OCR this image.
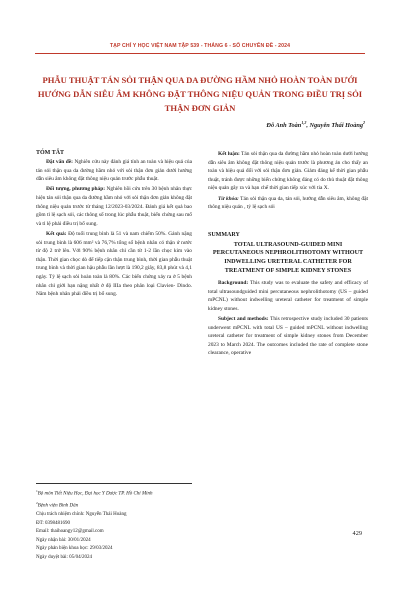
TẠP CHÍ Y HỌC VIỆT NAM TẬP 539 - THÁNG 6 - SỐ CHUYÊN ĐỀ - 2024
PHẪU THUẬT TÁN SỎI THẬN QUA DA ĐƯỜNG HẦM NHỎ HOÀN TOÀN DƯỚI HƯỚNG DẪN SIÊU ÂM KHÔNG ĐẶT THÔNG NIỆU QUẢN TRONG ĐIỀU TRỊ SỎI THẬN ĐƠN GIẢN
Đỗ Anh Toàn$^{1,2}$, Nguyễn Thái Hoàng$^2$
TÓM TẮT

Đặt vấn đề: Nghiên cứu này đánh giá tính an toàn và hiệu quả của tán sỏi thận qua da đường hầm nhỏ với sỏi thận đơn giản dưới hướng dẫn siêu âm không đặt thông niệu quản trước phẫu thuật.

Đối tượng, phương pháp: Nghiên hồi cứu trên 30 bệnh nhân thực hiện tán sỏi thận qua da đường hầm nhỏ với sỏi thận đơn giản không đặt thông niệu quản trước từ tháng 12/2023-03/2024. Đánh giá kết quả bao gồm tỉ lệ sạch sỏi, các thông số trong lúc phẫu thuật, biến chứng sau mổ và tỉ lệ phải điều trị bổ sung.

Kết quả: Độ tuổi trung bình là 51 và nam chiếm 50%. Gánh nặng sỏi trung bình là 606 mm² và 76,7% tổng số bệnh nhân có thận ứ nước từ độ 2 trở lên. Với 90% bệnh nhân chỉ cần từ 1-2 lần chọc kim vào thận. Thời gian chọc dò để tiếp cận thận trung bình, thời gian phẫu thuật trung bình và thời gian hậu phẫu lần lượt là 190,2 giây, 83,8 phút và 4,1 ngày. Tỷ lệ sạch sỏi hoàn toàn là 80%. Các biến chứng xảy ra ở 5 bệnh nhân chỉ giới hạn nặng nhất ở độ IIIa theo phân loại Clavien- Dindo. Năm bệnh nhân phải điều trị bổ sung.

Kết luận: Tán sỏi thận qua da đường hầm nhỏ hoàn toàn dưới hướng dẫn siêu âm không đặt thông niệu quản trước là phương án cho thấy an toàn và hiệu quả đối với sỏi thận đơn giản. Giảm đáng kể thời gian phẫu thuật, tránh được những biến chứng không đáng có do thủ thuật đặt thông niệu quản gây ra và hạn chế thời gian tiếp xúc với tia X.

Từ khóa: Tán sỏi thận qua da, tán sỏi, hướng dẫn siêu âm, không đặt thông niệu quản , tỷ lệ sạch sỏi

SUMMARY
TOTAL ULTRASOUND-GUIDED MINI PERCUTANEOUS NEPHROLITHOTOMY WITHOUT INDWELLING URETERAL CATHETER FOR TREATMENT OF SIMPLE KIDNEY STONES

Background: This study was to evaluate the safety and efficacy of total ultrasoundguided mini percutaneous nephrolithotomy (US – guided mPCNL) without indwelling ureteral catheter for treatment of simple kidney stones.

Subject and methods: This retrospective study included 30 patients underwent mPCNL with total US – guided mPCNL without indwelling ureteral catheter for treatment of simple kidney stones from December 2023 to March 2024. The outcomes included the rate of complete stone clearance, operative

$^1$Bộ môn Tiết Niệu Học, Đại học Y Dược TP. Hồ Chí Minh
$^2$Bệnh viện Bình Dân
Chịu trách nhiệm chính: Nguyễn Thái Hoàng
ĐT: 0398481690
Email: thaihoangy12@gmail.com
Ngày nhận bài: 30/01/2024
Ngày phản biện khoa học: 29/03/2024
Ngày duyệt bài: 05/04/2024
429
